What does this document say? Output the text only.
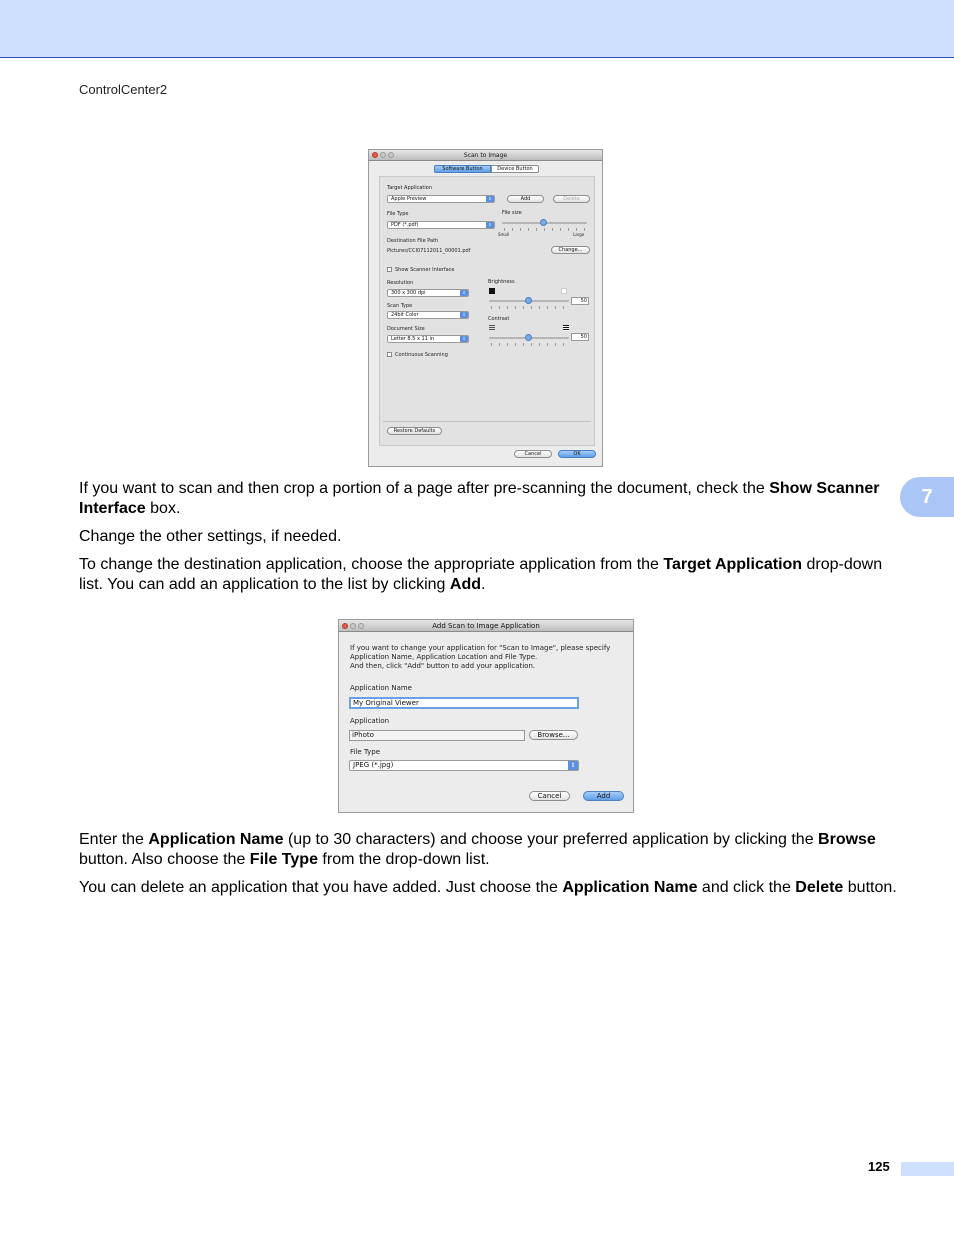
ControlCenter2
7
Scan to Image
Software Button	Device Button
Target Application
Apple Preview	⇕	Add	Delete
File Type
PDF (*.pdf)	⇕
File size
Small	Large
Destination File Path
Pictures/CCI07112011_00001.pdf	Change...
Show Scanner Interface
Resolution
300 x 300 dpi	⇕
Scan Type
24bit Color	⇕
Document Size
Letter 8.5 x 11 in	⇕
Continuous Scanning
Brightness
50
Contrast
50
Restore Defaults
Cancel	OK

If you want to scan and then crop a portion of a page after pre-scanning the document, check the Show Scanner Interface box.

Change the other settings, if needed.

To change the destination application, choose the appropriate application from the Target Application drop-down list. You can add an application to the list by clicking Add.

Add Scan to Image Application
If you want to change your application for "Scan to Image", please specify
Application Name, Application Location and File Type.
And then, click "Add" button to add your application.
Application Name
My Original Viewer
Application
iPhoto	Browse...
File Type
JPEG (*.jpg)	⇕
Cancel	Add

Enter the Application Name (up to 30 characters) and choose your preferred application by clicking the Browse button. Also choose the File Type from the drop-down list.

You can delete an application that you have added. Just choose the Application Name and click the Delete button.

125
